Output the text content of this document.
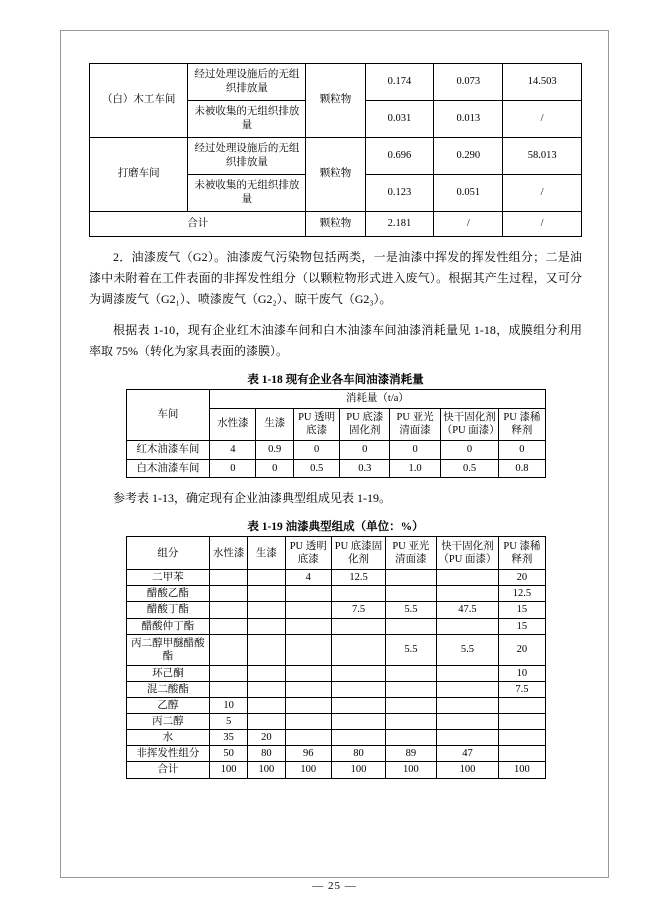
（白）木工车间	经过处理设施后的无组织排放量	颗粒物	0.174	0.073	14.503
	未被收集的无组织排放量		0.031	0.013	/
打磨车间	经过处理设施后的无组织排放量	颗粒物	0.696	0.290	58.013
	未被收集的无组织排放量		0.123	0.051	/
合计		颗粒物	2.181	/	/

2．油漆废气（G2）。油漆废气污染物包括两类，一是油漆中挥发的挥发性组分；二是油漆中未附着在工件表面的非挥发性组分（以颗粒物形式进入废气）。根据其产生过程，又可分为调漆废气（G2₁）、喷漆废气（G2₂）、晾干废气（G2₃）。

根据表 1-10，现有企业红木油漆车间和白木油漆车间油漆消耗量见 1-18，成膜组分利用率取 75%（转化为家具表面的漆膜）。

表 1-18 现有企业各车间油漆消耗量
车间	消耗量（t/a）						
	水性漆	生漆	PU 透明底漆	PU 底漆固化剂	PU 亚光清面漆	快干固化剂（PU 面漆）	PU 漆稀释剂
红木油漆车间	4	0.9	0	0	0	0	0
白木油漆车间	0	0	0.5	0.3	1.0	0.5	0.8

参考表 1-13，确定现有企业油漆典型组成见表 1-19。

表 1-19 油漆典型组成（单位：%）
组分	水性漆	生漆	PU 透明底漆	PU 底漆固化剂	PU 亚光清面漆	快干固化剂（PU 面漆）	PU 漆稀释剂
二甲苯			4	12.5			20
醋酸乙酯							12.5
醋酸丁酯				7.5	5.5	47.5	15
醋酸仲丁酯							15
丙二醇甲醚醋酸酯					5.5	5.5	20
环己酮							10
混二酸酯							7.5
乙醇	10						
丙二醇	5						
水	35	20					
非挥发性组分	50	80	96	80	89	47	
合计	100	100	100	100	100	100	100
— 25 —
